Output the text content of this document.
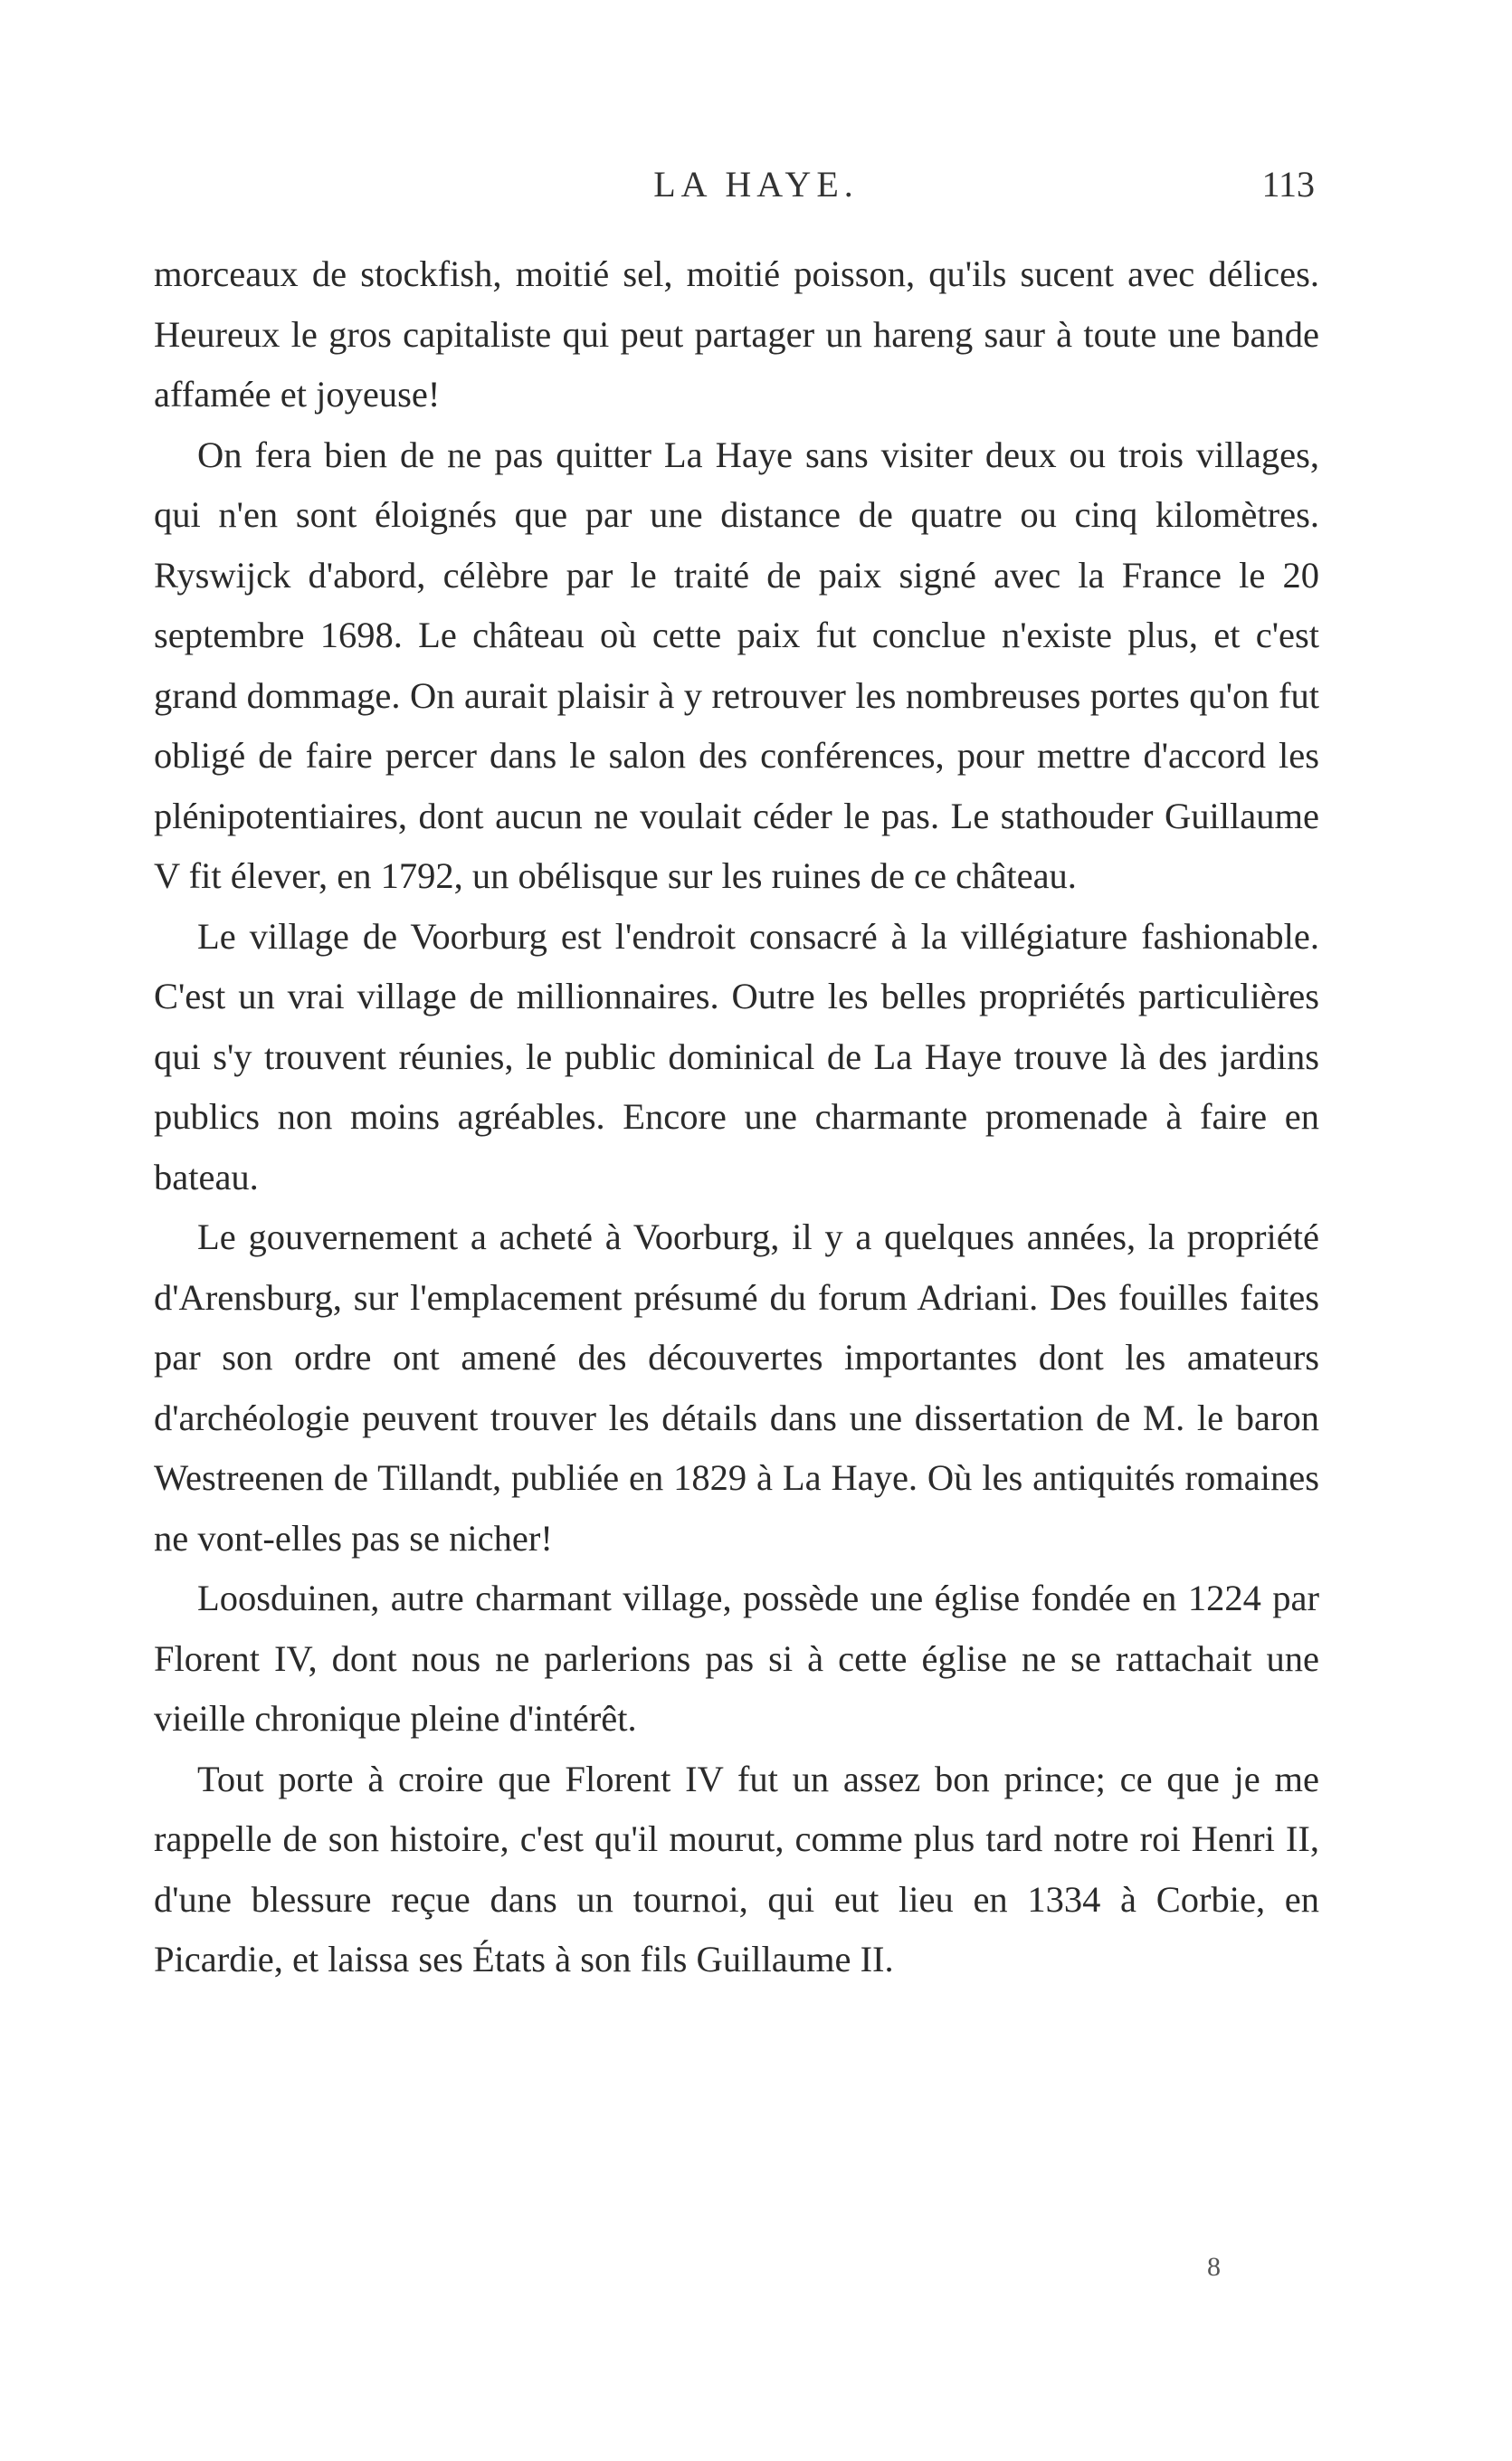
LA HAYE.	113

morceaux de stockfish, moitié sel, moitié poisson, qu'ils sucent avec délices. Heureux le gros capitaliste qui peut partager un hareng saur à toute une bande affamée et joyeuse!

On fera bien de ne pas quitter La Haye sans visiter deux ou trois villages, qui n'en sont éloignés que par une distance de quatre ou cinq kilomètres. Ryswijck d'abord, célèbre par le traité de paix signé avec la France le 20 septembre 1698. Le château où cette paix fut conclue n'existe plus, et c'est grand dommage. On aurait plaisir à y retrouver les nombreuses portes qu'on fut obligé de faire percer dans le salon des conférences, pour mettre d'accord les plénipotentiaires, dont aucun ne voulait céder le pas. Le stathouder Guillaume V fit élever, en 1792, un obélisque sur les ruines de ce château.

Le village de Voorburg est l'endroit consacré à la villégiature fashionable. C'est un vrai village de millionnaires. Outre les belles propriétés particulières qui s'y trouvent réunies, le public dominical de La Haye trouve là des jardins publics non moins agréables. Encore une charmante promenade à faire en bateau.

Le gouvernement a acheté à Voorburg, il y a quelques années, la propriété d'Arensburg, sur l'emplacement présumé du forum Adriani. Des fouilles faites par son ordre ont amené des découvertes importantes dont les amateurs d'archéologie peuvent trouver les détails dans une dissertation de M. le baron Westreenen de Tillandt, publiée en 1829 à La Haye. Où les antiquités romaines ne vont-elles pas se nicher!

Loosduinen, autre charmant village, possède une église fondée en 1224 par Florent IV, dont nous ne parlerions pas si à cette église ne se rattachait une vieille chronique pleine d'intérêt.

Tout porte à croire que Florent IV fut un assez bon prince; ce que je me rappelle de son histoire, c'est qu'il mourut, comme plus tard notre roi Henri II, d'une blessure reçue dans un tournoi, qui eut lieu en 1334 à Corbie, en Picardie, et laissa ses États à son fils Guillaume II.

8
